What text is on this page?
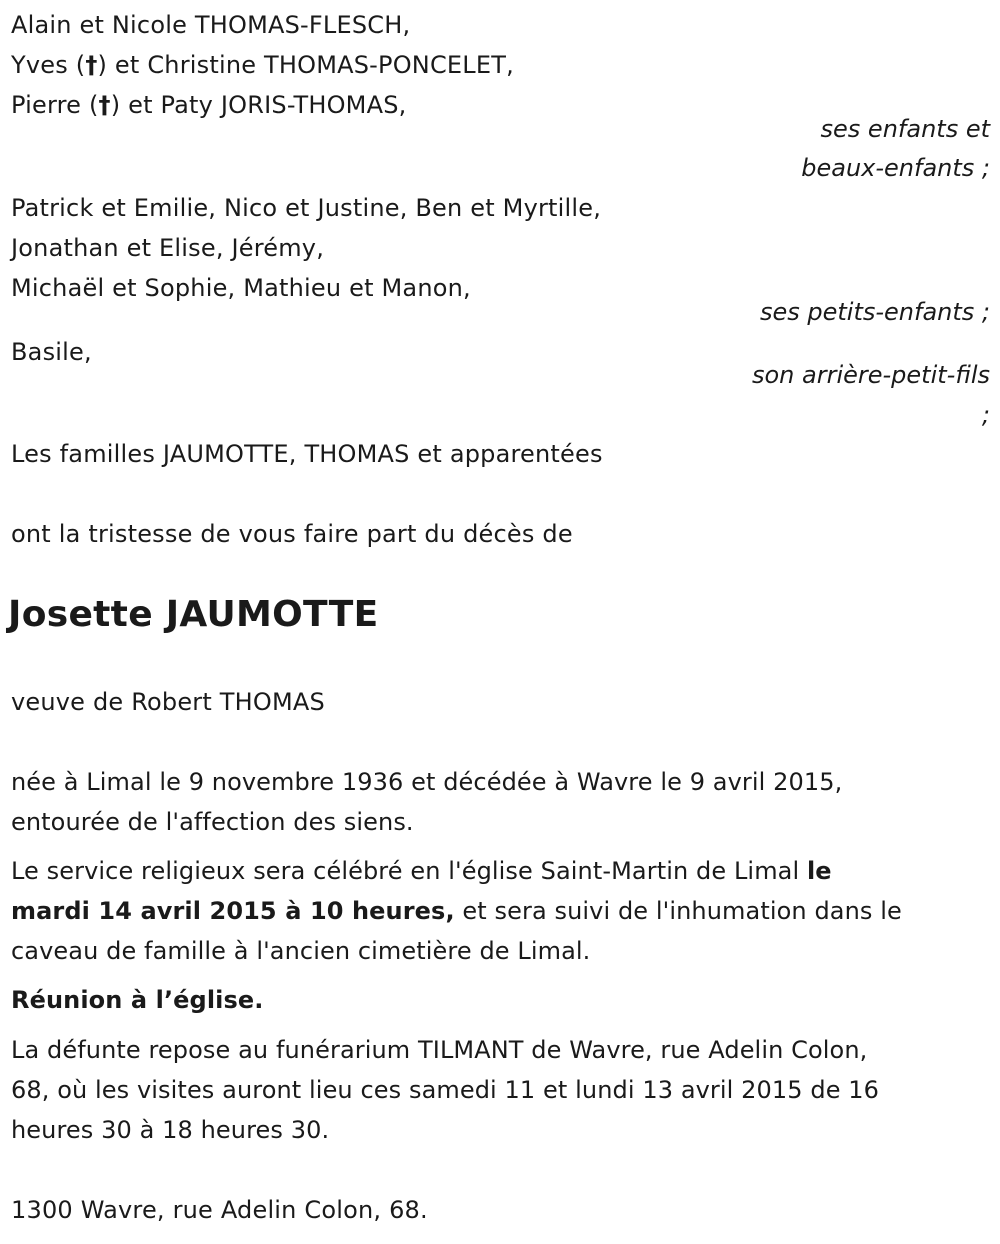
Alain et Nicole THOMAS-FLESCH,

Yves (†) et Christine THOMAS-PONCELET,

Pierre (†) et Paty JORIS-THOMAS,

ses enfants et

beaux-enfants ;

Patrick et Emilie, Nico et Justine, Ben et Myrtille,

Jonathan et Elise, Jérémy,

Michaël et Sophie, Mathieu et Manon,

ses petits-enfants ;

Basile,

son arrière-petit-fils

;

Les familles JAUMOTTE, THOMAS et apparentées

ont la tristesse de vous faire part du décès de

Josette JAUMOTTE

veuve de Robert THOMAS

née à Limal le 9 novembre 1936 et décédée à Wavre le 9 avril 2015,
entourée de l'affection des siens.
Le service religieux sera célébré en l'église Saint-Martin de Limal le
mardi 14 avril 2015 à 10 heures, et sera suivi de l'inhumation dans le
caveau de famille à l'ancien cimetière de Limal.
Réunion à l’église.
La défunte repose au funérarium TILMANT de Wavre, rue Adelin Colon,
68, où les visites auront lieu ces samedi 11 et lundi 13 avril 2015 de 16
heures 30 à 18 heures 30.

1300 Wavre, rue Adelin Colon, 68.
